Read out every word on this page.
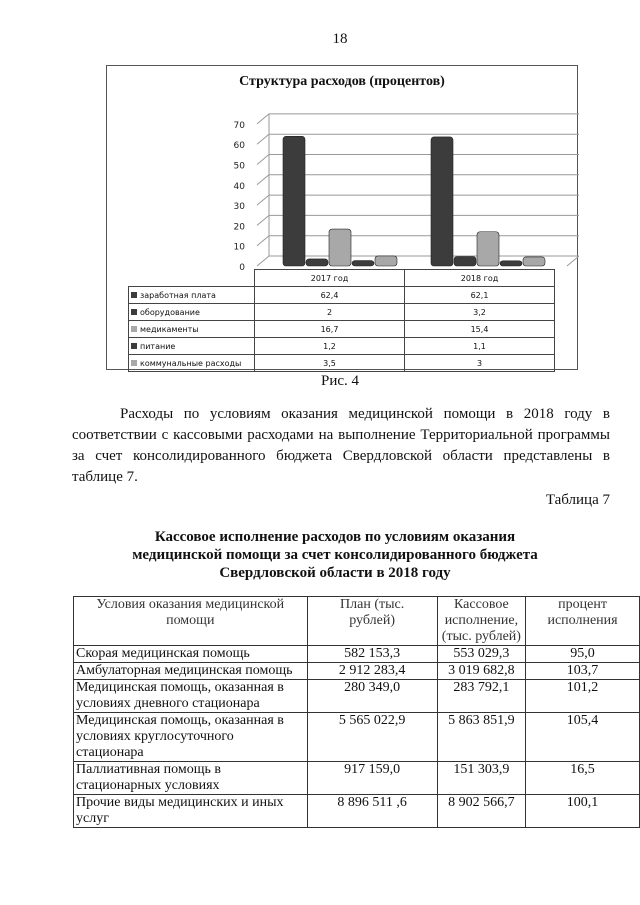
18
0
10
20
30
40
50
60
70
Структура расходов (процентов)
	2017 год	2018 год
заработная плата	62,4	62,1
оборудование	2	3,2
медикаменты	16,7	15,4
питание	1,2	1,1
коммунальные расходы	3,5	3
Рис. 4
Расходы по условиям оказания медицинской помощи в 2018 году в соответствии с кассовыми расходами на выполнение Территориальной программы за счет консолидированного бюджета Свердловской области представлены в таблице 7.
Таблица 7
Кассовое исполнение расходов по условиям оказания
медицинской помощи за счет консолидированного бюджета
Свердловской области в 2018 году
Условия оказания медицинской помощи	План (тыс. рублей)	Кассовое исполнение, (тыс. рублей)	процент исполнения
Скорая медицинская помощь	582 153,3	553 029,3	95,0
Амбулаторная медицинская помощь	2 912 283,4	3 019 682,8	103,7
Медицинская помощь, оказанная в условиях дневного стационара	280 349,0	283 792,1	101,2
Медицинская помощь, оказанная в условиях круглосуточного стационара	5 565 022,9	5 863 851,9	105,4
Паллиативная помощь в стационарных условиях	917 159,0	151 303,9	16,5
Прочие виды медицинских и иных услуг	8 896 511 ,6	8 902 566,7	100,1
